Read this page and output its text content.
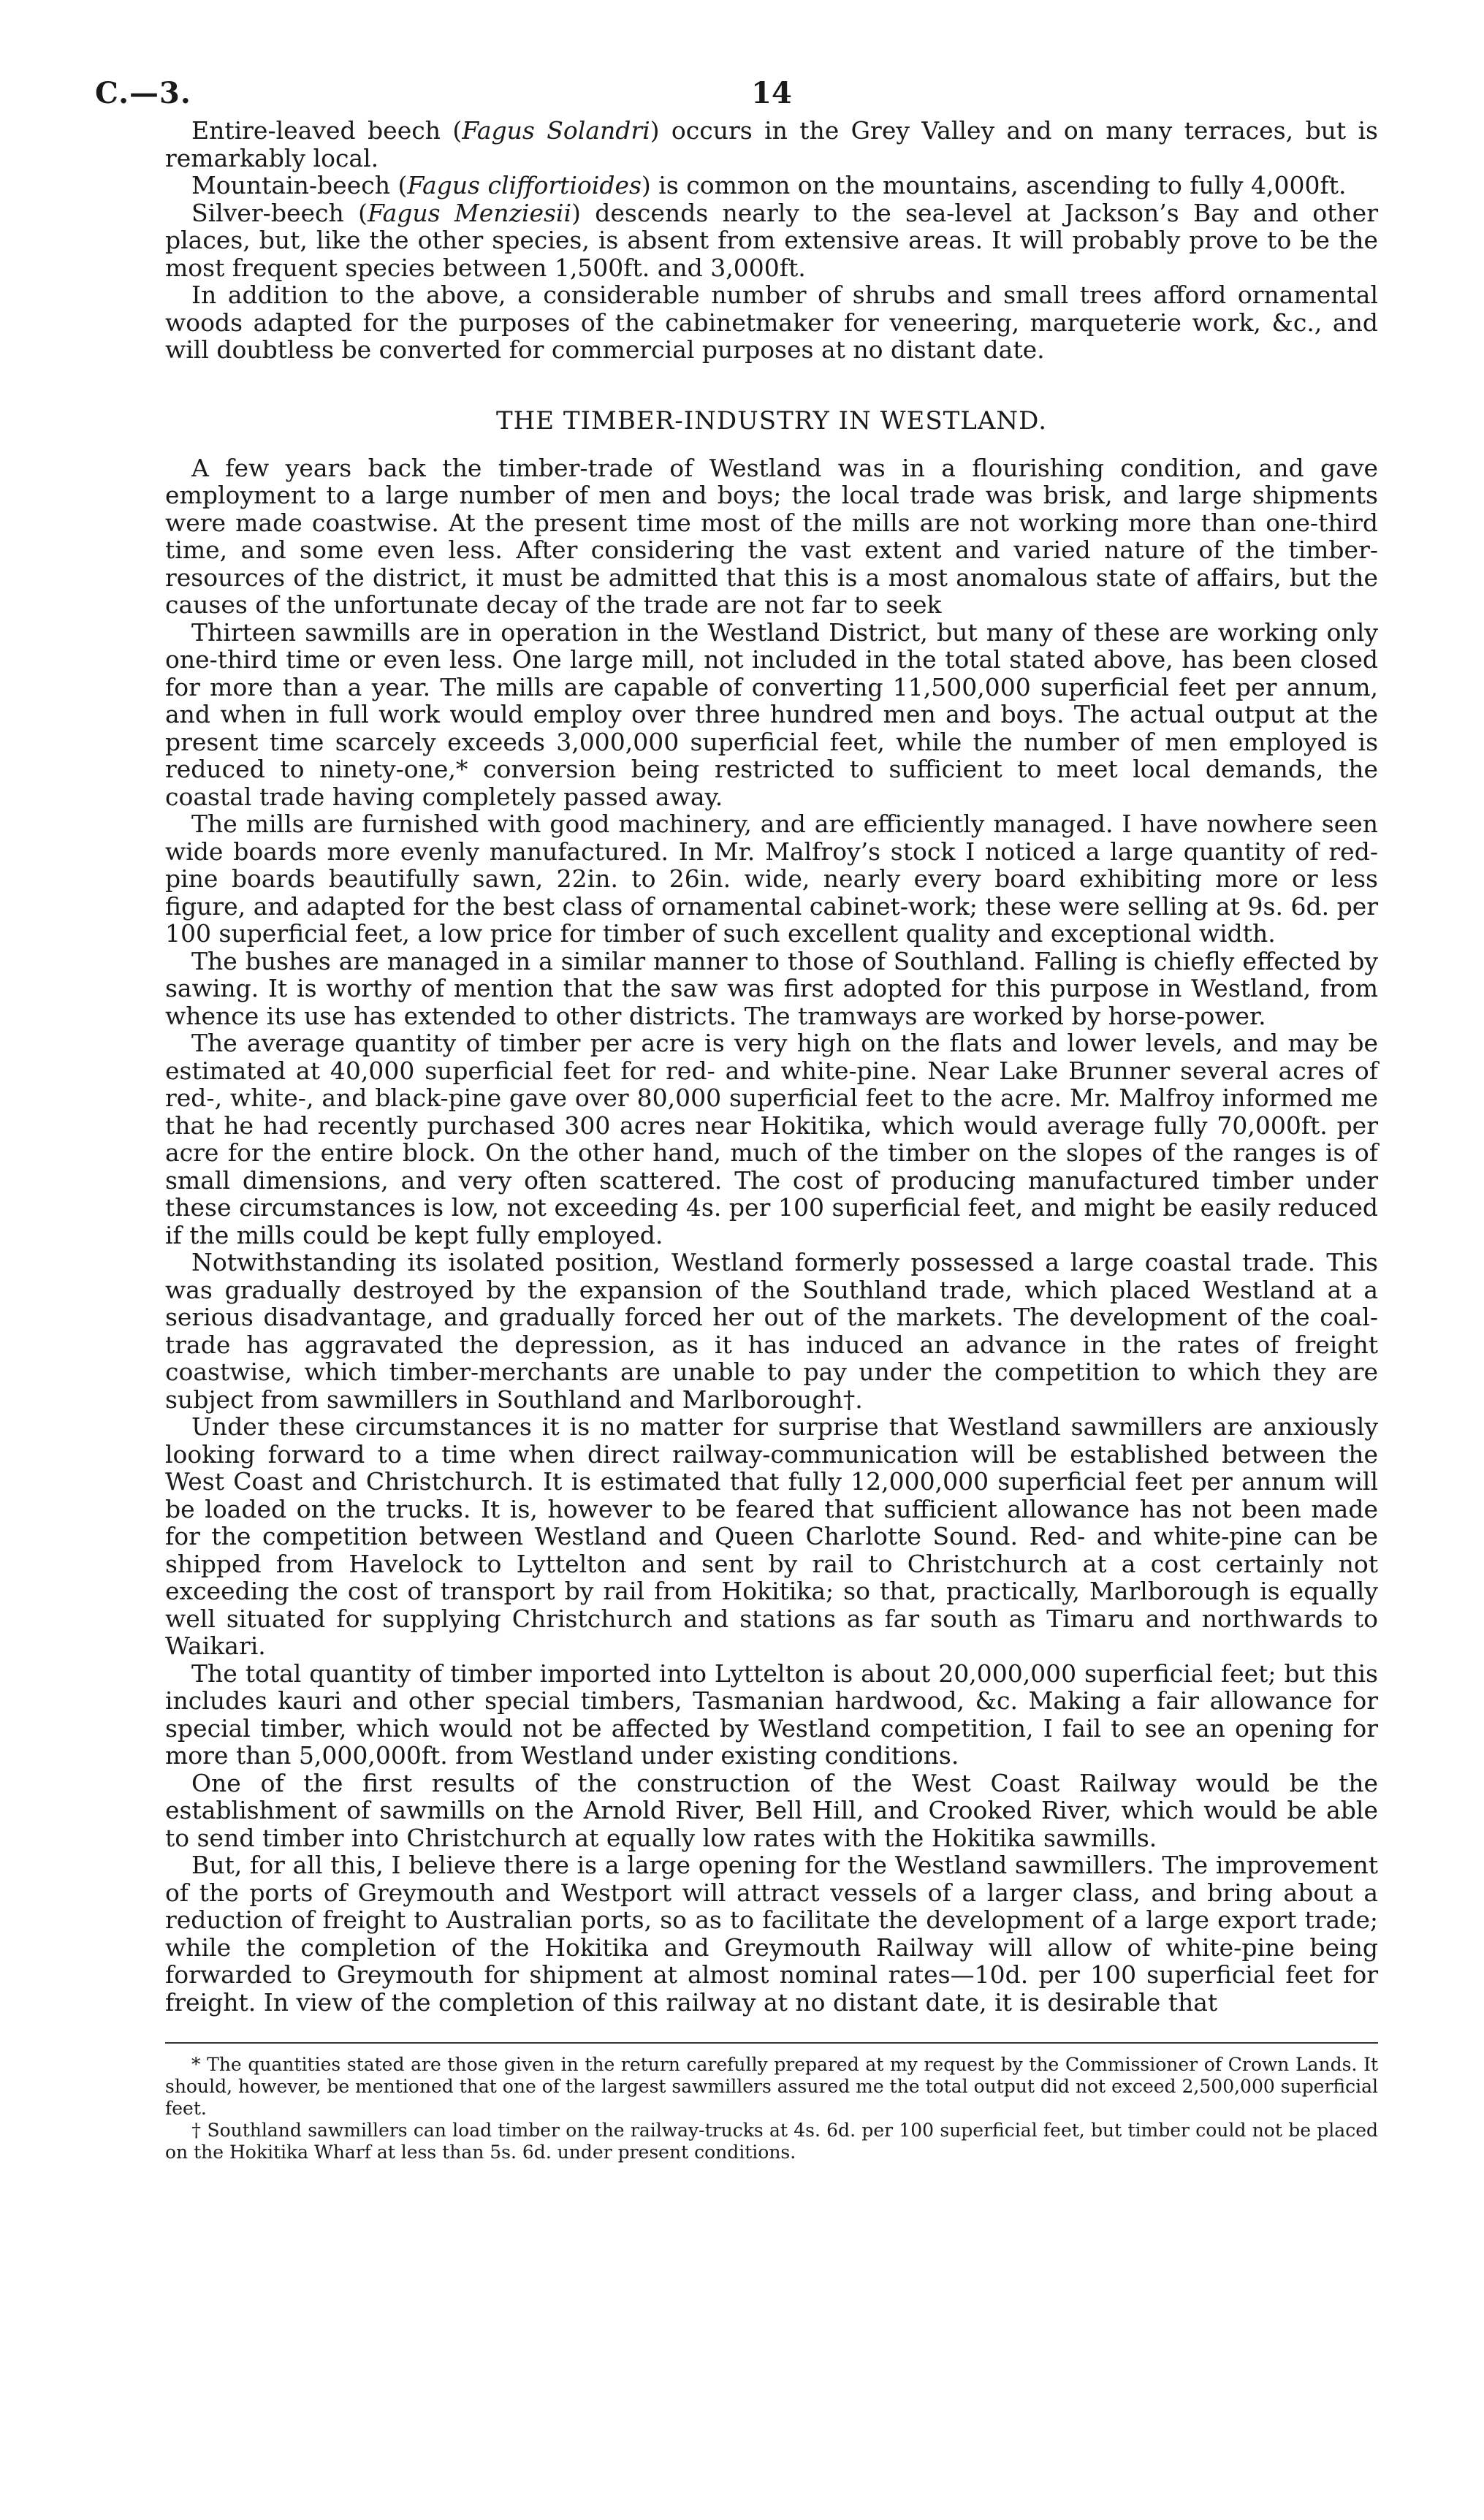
C.—3.	14

Entire-leaved beech (Fagus Solandri) occurs in the Grey Valley and on many terraces, but is remarkably local.

Mountain-beech (Fagus cliffortioides) is common on the mountains, ascending to fully 4,000ft.

Silver-beech (Fagus Menziesii) descends nearly to the sea-level at Jackson’s Bay and other places, but, like the other species, is absent from extensive areas. It will probably prove to be the most frequent species between 1,500ft. and 3,000ft.

In addition to the above, a considerable number of shrubs and small trees afford ornamental woods adapted for the purposes of the cabinetmaker for veneering, marqueterie work, &c., and will doubtless be converted for commercial purposes at no distant date.

THE TIMBER-INDUSTRY IN WESTLAND.

A few years back the timber-trade of Westland was in a flourishing condition, and gave employment to a large number of men and boys; the local trade was brisk, and large shipments were made coastwise. At the present time most of the mills are not working more than one-third time, and some even less. After considering the vast extent and varied nature of the timber-resources of the district, it must be admitted that this is a most anomalous state of affairs, but the causes of the unfortunate decay of the trade are not far to seek

Thirteen sawmills are in operation in the Westland District, but many of these are working only one-third time or even less. One large mill, not included in the total stated above, has been closed for more than a year. The mills are capable of converting 11,500,000 superficial feet per annum, and when in full work would employ over three hundred men and boys. The actual output at the present time scarcely exceeds 3,000,000 superficial feet, while the number of men employed is reduced to ninety-one,* conversion being restricted to sufficient to meet local demands, the coastal trade having completely passed away.

The mills are furnished with good machinery, and are efficiently managed. I have nowhere seen wide boards more evenly manufactured. In Mr. Malfroy’s stock I noticed a large quantity of red-pine boards beautifully sawn, 22in. to 26in. wide, nearly every board exhibiting more or less figure, and adapted for the best class of ornamental cabinet-work; these were selling at 9s. 6d. per 100 superficial feet, a low price for timber of such excellent quality and exceptional width.

The bushes are managed in a similar manner to those of Southland. Falling is chiefly effected by sawing. It is worthy of mention that the saw was first adopted for this purpose in Westland, from whence its use has extended to other districts. The tramways are worked by horse-power.

The average quantity of timber per acre is very high on the flats and lower levels, and may be estimated at 40,000 superficial feet for red- and white-pine. Near Lake Brunner several acres of red-, white-, and black-pine gave over 80,000 superficial feet to the acre. Mr. Malfroy informed me that he had recently purchased 300 acres near Hokitika, which would average fully 70,000ft. per acre for the entire block. On the other hand, much of the timber on the slopes of the ranges is of small dimensions, and very often scattered. The cost of producing manufactured timber under these circumstances is low, not exceeding 4s. per 100 superficial feet, and might be easily reduced if the mills could be kept fully employed.

Notwithstanding its isolated position, Westland formerly possessed a large coastal trade. This was gradually destroyed by the expansion of the Southland trade, which placed Westland at a serious disadvantage, and gradually forced her out of the markets. The development of the coal-trade has aggravated the depression, as it has induced an advance in the rates of freight coastwise, which timber-merchants are unable to pay under the competition to which they are subject from sawmillers in Southland and Marlborough†.

Under these circumstances it is no matter for surprise that Westland sawmillers are anxiously looking forward to a time when direct railway-communication will be established between the West Coast and Christchurch. It is estimated that fully 12,000,000 superficial feet per annum will be loaded on the trucks. It is, however to be feared that sufficient allowance has not been made for the competition between Westland and Queen Charlotte Sound. Red- and white-pine can be shipped from Havelock to Lyttelton and sent by rail to Christchurch at a cost certainly not exceeding the cost of transport by rail from Hokitika; so that, practically, Marlborough is equally well situated for supplying Christchurch and stations as far south as Timaru and northwards to Waikari.

The total quantity of timber imported into Lyttelton is about 20,000,000 superficial feet; but this includes kauri and other special timbers, Tasmanian hardwood, &c. Making a fair allowance for special timber, which would not be affected by Westland competition, I fail to see an opening for more than 5,000,000ft. from Westland under existing conditions.

One of the first results of the construction of the West Coast Railway would be the establishment of sawmills on the Arnold River, Bell Hill, and Crooked River, which would be able to send timber into Christchurch at equally low rates with the Hokitika sawmills.

But, for all this, I believe there is a large opening for the Westland sawmillers. The improvement of the ports of Greymouth and Westport will attract vessels of a larger class, and bring about a reduction of freight to Australian ports, so as to facilitate the development of a large export trade; while the completion of the Hokitika and Greymouth Railway will allow of white-pine being forwarded to Greymouth for shipment at almost nominal rates—10d. per 100 superficial feet for freight. In view of the completion of this railway at no distant date, it is desirable that

* The quantities stated are those given in the return carefully prepared at my request by the Commissioner of Crown Lands. It should, however, be mentioned that one of the largest sawmillers assured me the total output did not exceed 2,500,000 superficial feet.

† Southland sawmillers can load timber on the railway-trucks at 4s. 6d. per 100 superficial feet, but timber could not be placed on the Hokitika Wharf at less than 5s. 6d. under present conditions.
